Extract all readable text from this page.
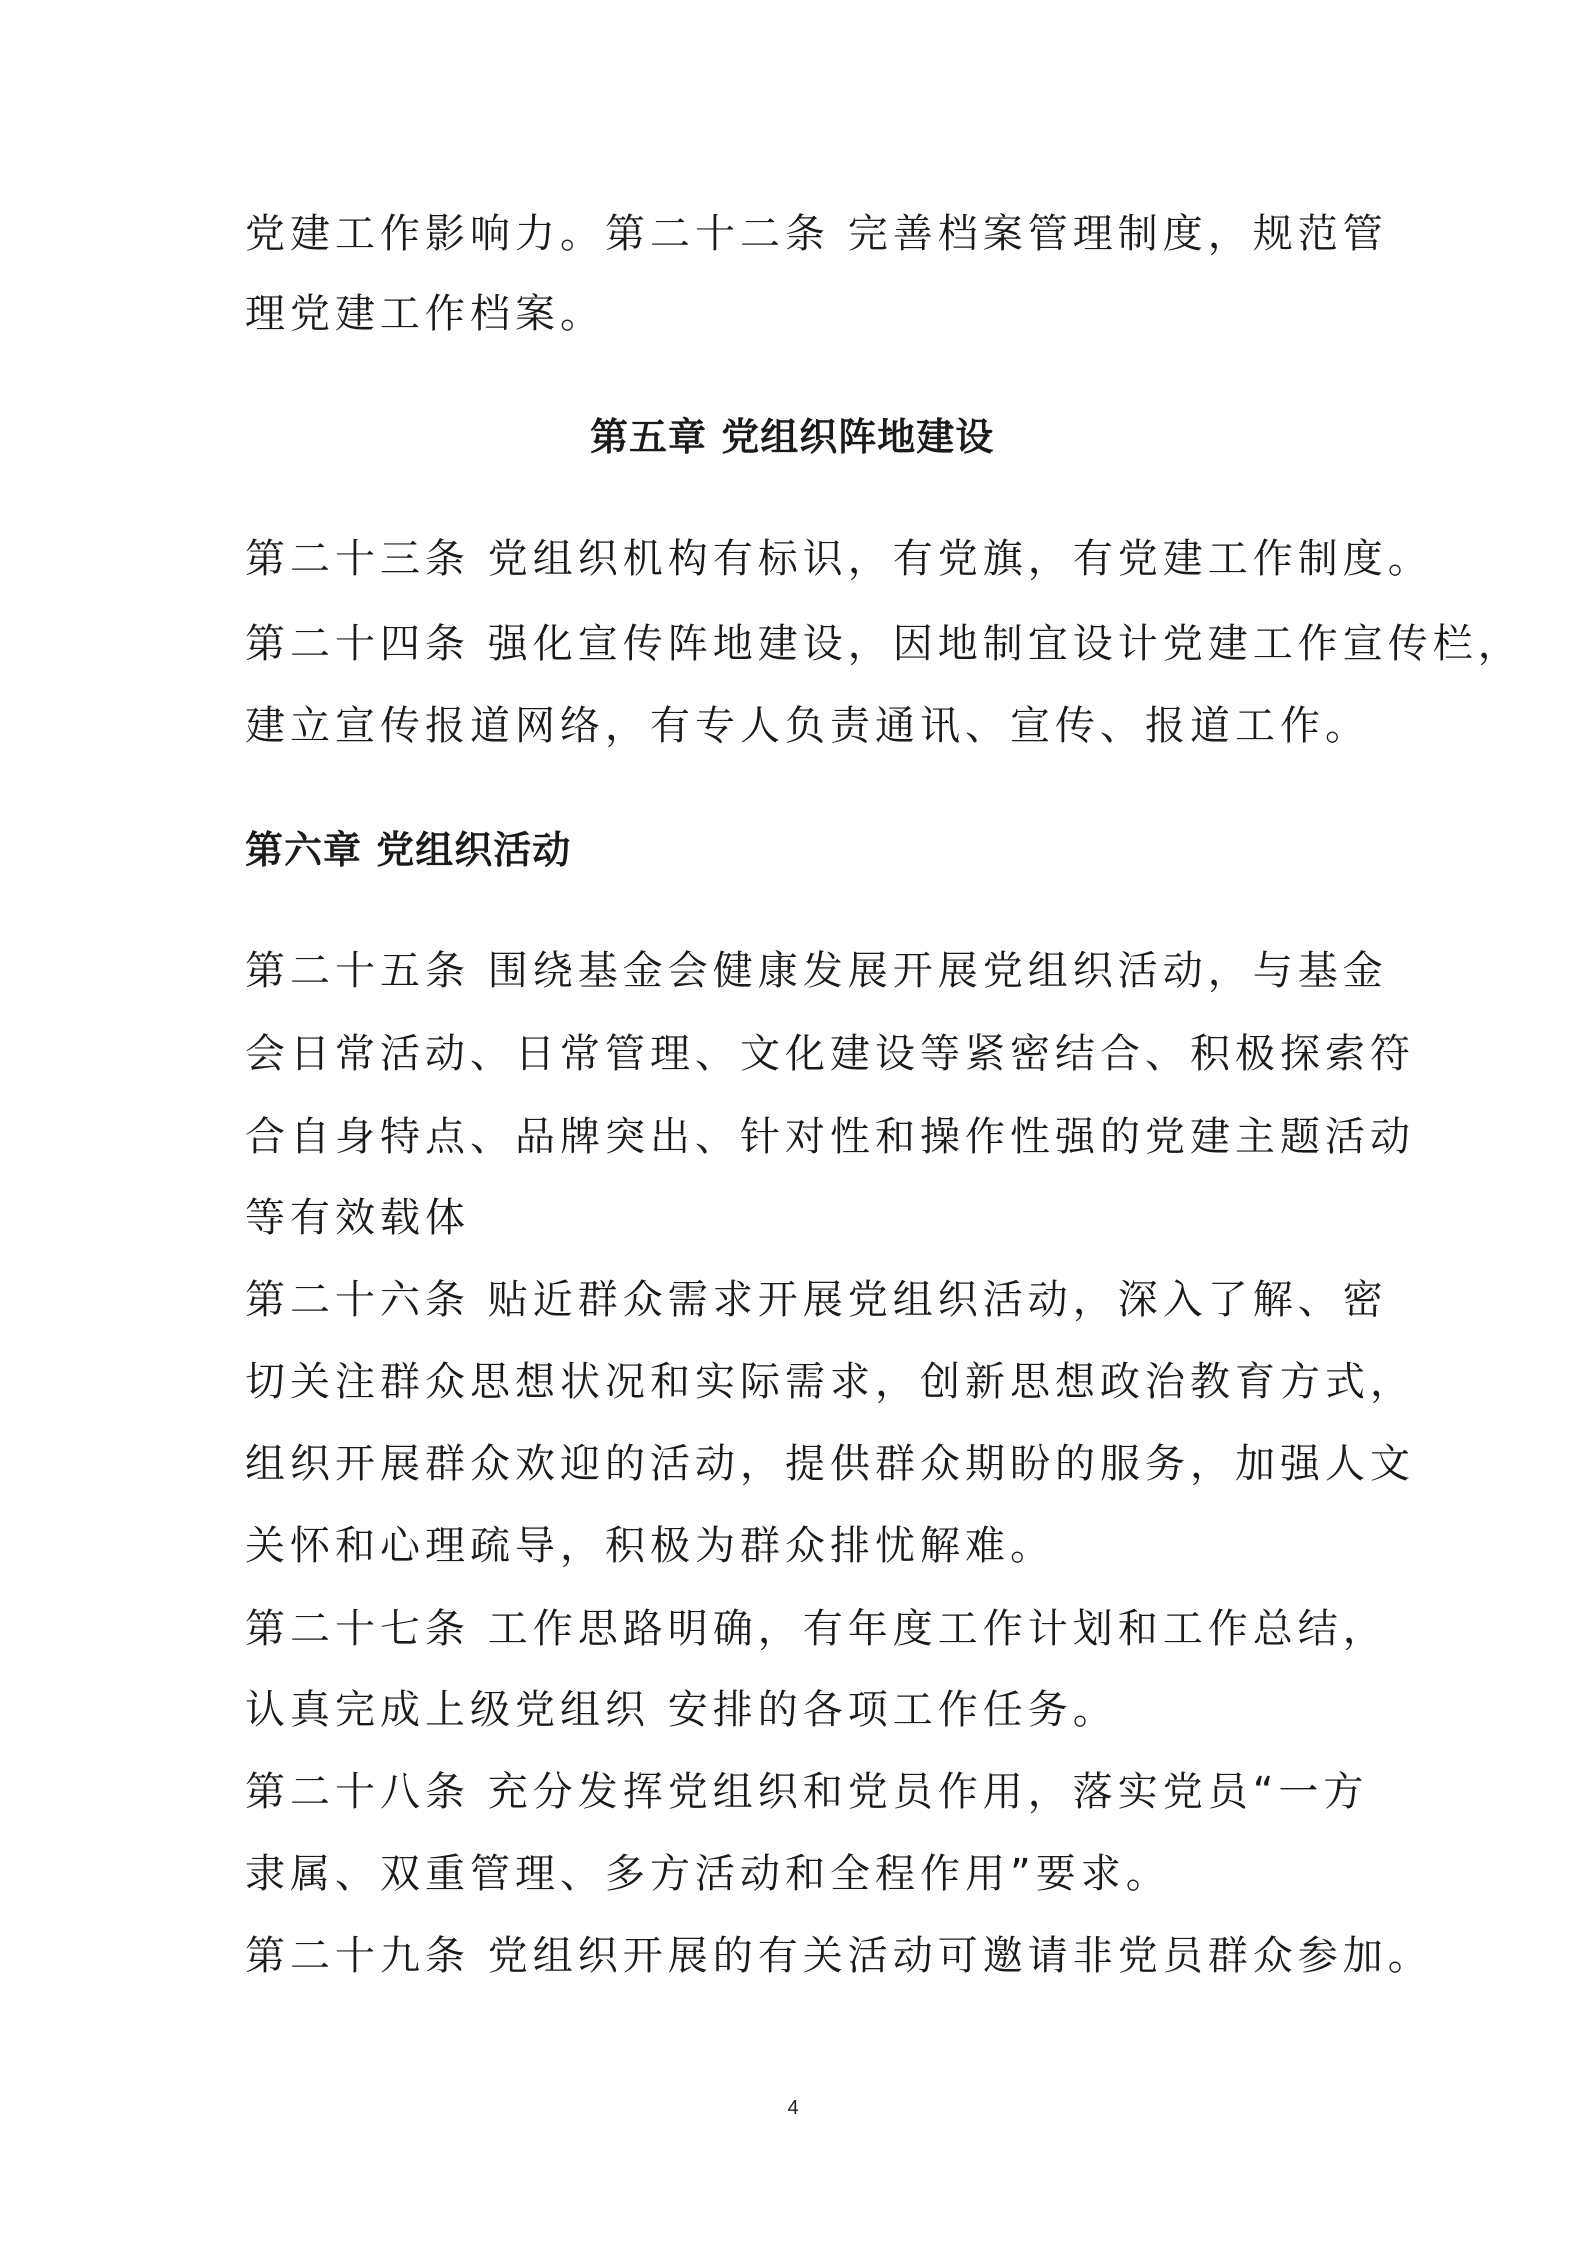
党建工作影响力。第二十二条 完善档案管理制度，规范管
理党建工作档案。
第五章 党组织阵地建设
第二十三条 党组织机构有标识，有党旗，有党建工作制度。
第二十四条 强化宣传阵地建设，因地制宜设计党建工作宣传栏，
建立宣传报道网络，有专人负责通讯、宣传、报道工作。
第六章 党组织活动
第二十五条 围绕基金会健康发展开展党组织活动，与基金
会日常活动、日常管理、文化建设等紧密结合、积极探索符
合自身特点、品牌突出、针对性和操作性强的党建主题活动
等有效载体
第二十六条 贴近群众需求开展党组织活动，深入了解、密
切关注群众思想状况和实际需求，创新思想政治教育方式，
组织开展群众欢迎的活动，提供群众期盼的服务，加强人文
关怀和心理疏导，积极为群众排忧解难。
第二十七条 工作思路明确，有年度工作计划和工作总结，
认真完成上级党组织 安排的各项工作任务。
第二十八条 充分发挥党组织和党员作用，落实党员“一方
隶属、双重管理、多方活动和全程作用”要求。
第二十九条 党组织开展的有关活动可邀请非党员群众参加。
4
